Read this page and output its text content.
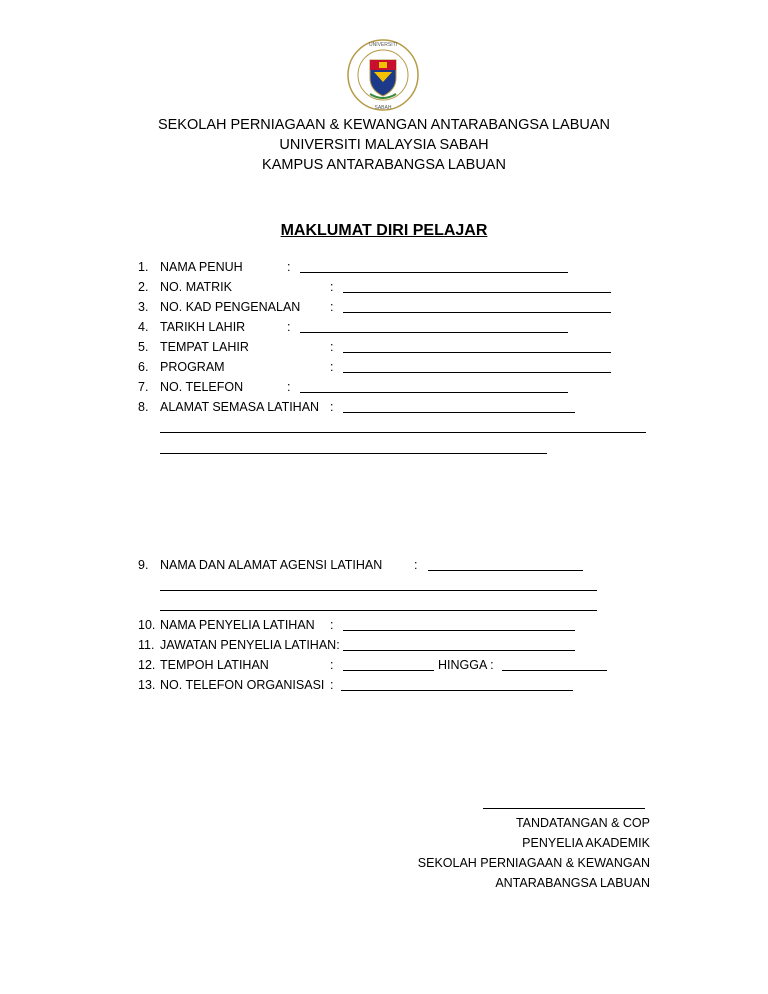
UNIVERSITI
SABAH
SEKOLAH PERNIAGAAN & KEWANGAN ANTARABANGSA LABUAN
UNIVERSITI MALAYSIA SABAH
KAMPUS ANTARABANGSA LABUAN
MAKLUMAT DIRI PELAJAR
1. NAMA PENUH	:
2. NO. MATRIK	:
3. NO. KAD PENGENALAN :
4. TARIKH LAHIR	:
5. TEMPAT LAHIR	:
6. PROGRAM	:
7. NO. TELEFON	:
8. ALAMAT SEMASA LATIHAN :
9. NAMA DAN ALAMAT AGENSI LATIHAN	:
10. NAMA PENYELIA LATIHAN :
11. JAWATAN PENYELIA LATIHAN:
12. TEMPOH LATIHAN	:	HINGGA :
13. NO. TELEFON ORGANISASI :
TANDATANGAN & COP
PENYELIA AKADEMIK
SEKOLAH PERNIAGAAN & KEWANGAN
ANTARABANGSA LABUAN
